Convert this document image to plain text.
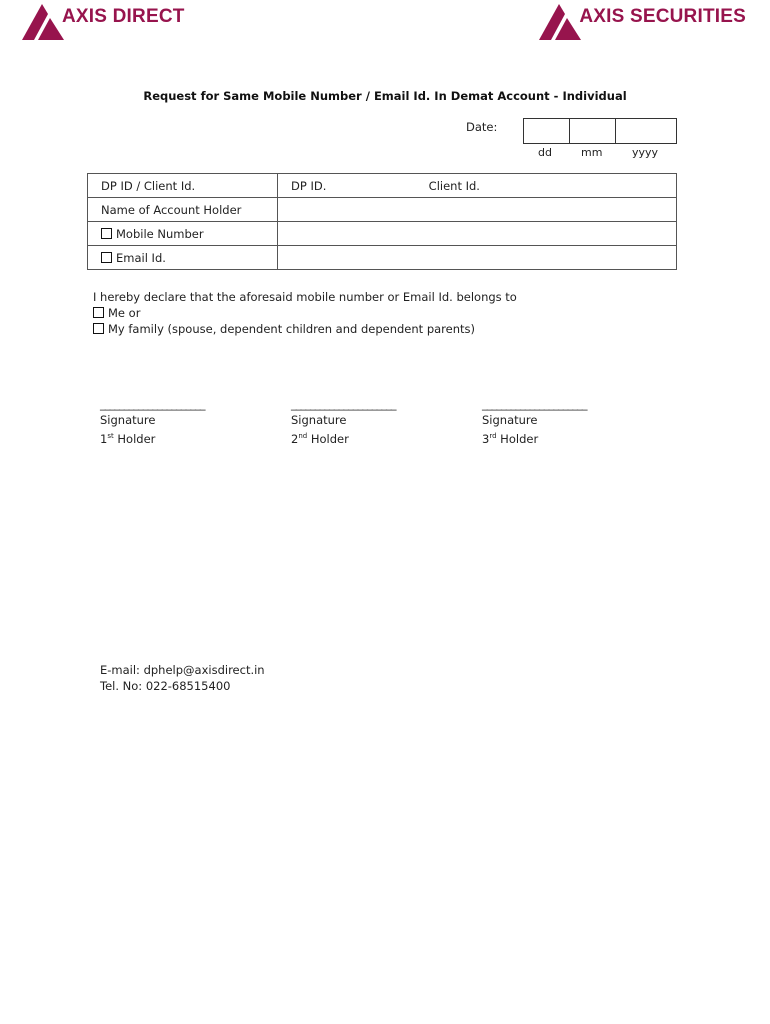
AXIS DIRECT	AXIS SECURITIES
Request for Same Mobile Number / Email Id. In Demat Account - Individual
Date:
dd	mm	yyyy
DP ID / Client Id.	DP ID. Client Id.
Name of Account Holder	
Mobile Number	
Email Id.	
I hereby declare that the aforesaid mobile number or Email Id. belongs to
Me or
My family (spouse, dependent children and dependent parents)
______________________
Signature
1st Holder
______________________
Signature
2nd Holder
______________________
Signature
3rd Holder
E-mail: dphelp@axisdirect.in
Tel. No: 022-68515400
